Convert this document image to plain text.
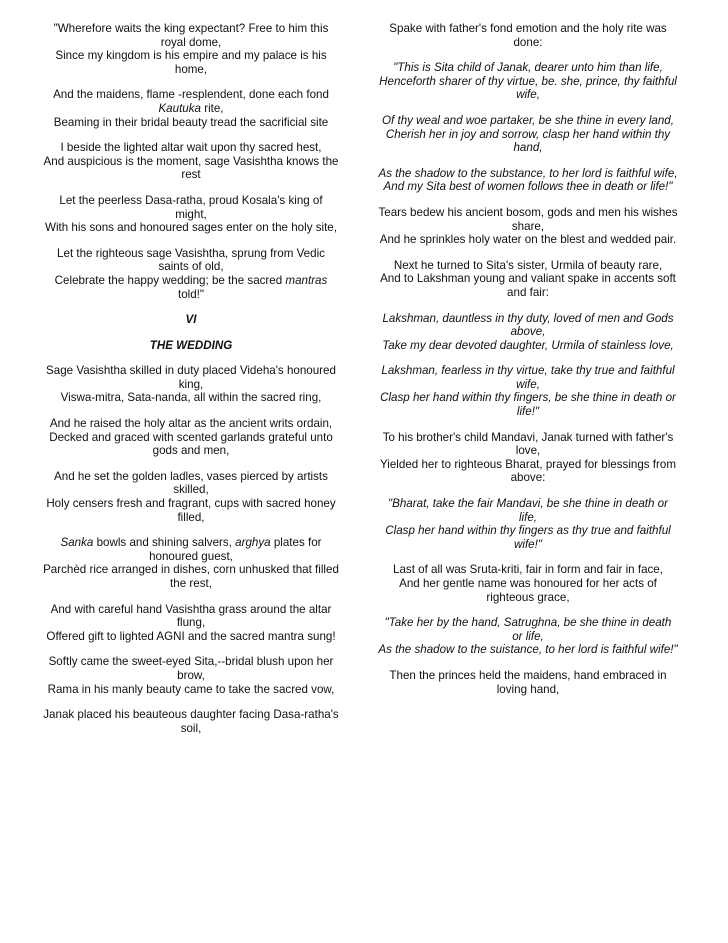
"Wherefore waits the king expectant? Free to him this royal dome,
Since my kingdom is his empire and my palace is his home,
And the maidens, flame -resplendent, done each fond Kautuka rite,
Beaming in their bridal beauty tread the sacrificial site
I beside the lighted altar wait upon thy sacred hest,
And auspicious is the moment, sage Vasishtha knows the rest
Let the peerless Dasa-ratha, proud Kosala's king of might,
With his sons and honoured sages enter on the holy site,
Let the righteous sage Vasishtha, sprung from Vedic saints of old,
Celebrate the happy wedding; be the sacred mantras told!"
VI
THE WEDDING
Sage Vasishtha skilled in duty placed Videha's honoured king,
Viswa-mitra, Sata-nanda, all within the sacred ring,
And he raised the holy altar as the ancient writs ordain,
Decked and graced with scented garlands grateful unto gods and men,
And he set the golden ladles, vases pierced by artists skilled,
Holy censers fresh and fragrant, cups with sacred honey filled,
Sanka bowls and shining salvers, arghya plates for honoured guest,
Parchèd rice arranged in dishes, corn unhusked that filled the rest,
And with careful hand Vasishtha grass around the altar flung,
Offered gift to lighted AGNI and the sacred mantra sung!
Softly came the sweet-eyed Sita,--bridal blush upon her brow,
Rama in his manly beauty came to take the sacred vow,
Janak placed his beauteous daughter facing Dasa-ratha's soil,
Spake with father's fond emotion and the holy rite was done:
"This is Sita child of Janak, dearer unto him than life, Henceforth sharer of thy virtue, be. she, prince, thy faithful wife,
Of thy weal and woe partaker, be she thine in every land,
Cherish her in joy and sorrow, clasp her hand within thy hand,
As the shadow to the substance, to her lord is faithful wife,
And my Sita best of women follows thee in death or life!"
Tears bedew his ancient bosom, gods and men his wishes share,
And he sprinkles holy water on the blest and wedded pair.
Next he turned to Sita's sister, Urmila of beauty rare,
And to Lakshman young and valiant spake in accents soft and fair:
Lakshman, dauntless in thy duty, loved of men and Gods above,
Take my dear devoted daughter, Urmila of stainless love,
Lakshman, fearless in thy virtue, take thy true and faithful wife,
Clasp her hand within thy fingers, be she thine in death or life!"
To his brother's child Mandavi, Janak turned with father's love,
Yielded her to righteous Bharat, prayed for blessings from above:
"Bharat, take the fair Mandavi, be she thine in death or life,
Clasp her hand within thy fingers as thy true and faithful wife!"
Last of all was Sruta-kriti, fair in form and fair in face,
And her gentle name was honoured for her acts of righteous grace,
"Take her by the hand, Satrughna, be she thine in death or life,
As the shadow to the suistance, to her lord is faithful wife!"
Then the princes held the maidens, hand embraced in loving hand,
